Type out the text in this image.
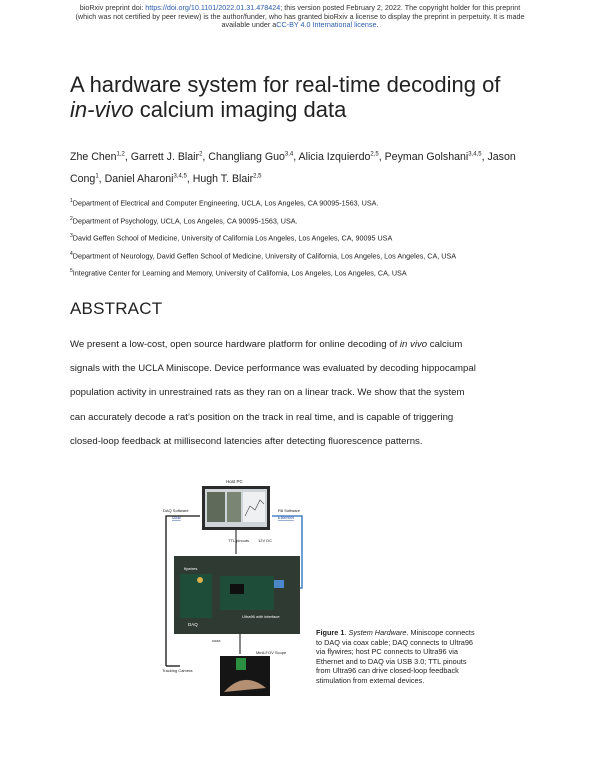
bioRxiv preprint doi: https://doi.org/10.1101/2022.01.31.478424; this version posted February 2, 2022. The copyright holder for this preprint
(which was not certified by peer review) is the author/funder, who has granted bioRxiv a license to display the preprint in perpetuity. It is made
available under aCC-BY 4.0 International license.
A hardware system for real-time decoding of
in-vivo calcium imaging data
Zhe Chen$^{1,2}$, Garrett J. Blair$^2$, Changliang Guo$^{3,4}$, Alicia Izquierdo$^{2,5}$, Peyman Golshani$^{3,4,5}$, Jason Cong$^1$, Daniel Aharoni$^{3,4,5}$, Hugh T. Blair$^{2,5}$
$^1$Department of Electrical and Computer Engineering, UCLA, Los Angeles, CA 90095-1563, USA.
$^2$Department of Psychology, UCLA, Los Angeles, CA 90095-1563, USA.
$^3$David Geffen School of Medicine, University of California Los Angeles, Los Angeles, CA, 90095 USA
$^4$Department of Neurology, David Geffen School of Medicine, University of California, Los Angeles, Los Angeles, CA, USA
$^5$Integrative Center for Learning and Memory, University of California, Los Angeles, Los Angeles, CA, USA
ABSTRACT
We present a low-cost, open source hardware platform for online decoding of in vivo calcium
signals with the UCLA Miniscope. Device performance was evaluated by decoding hippocampal
population activity in unrestrained rats as they ran on a linear track. We show that the system
can accurately decode a rat’s position on the track in real time, and is capable of triggering
closed-loop feedback at millisecond latencies after detecting fluorescence patterns.
Host PC
DAQ Software
USB
R8 Software
Ethernet
TTL pinouts 12V DC
flywires
DAQ
Ultra96 with interface
coax
MiniLFOV Scope
Tracking Camera
Figure 1. System Hardware. Miniscope connects to DAQ via coax cable; DAQ connects to Ultra96 via flywires; host PC connects to Ultra96 via Ethernet and to DAQ via USB 3.0; TTL pinouts from Ultra96 can drive closed-loop feedback stimulation from external devices.
